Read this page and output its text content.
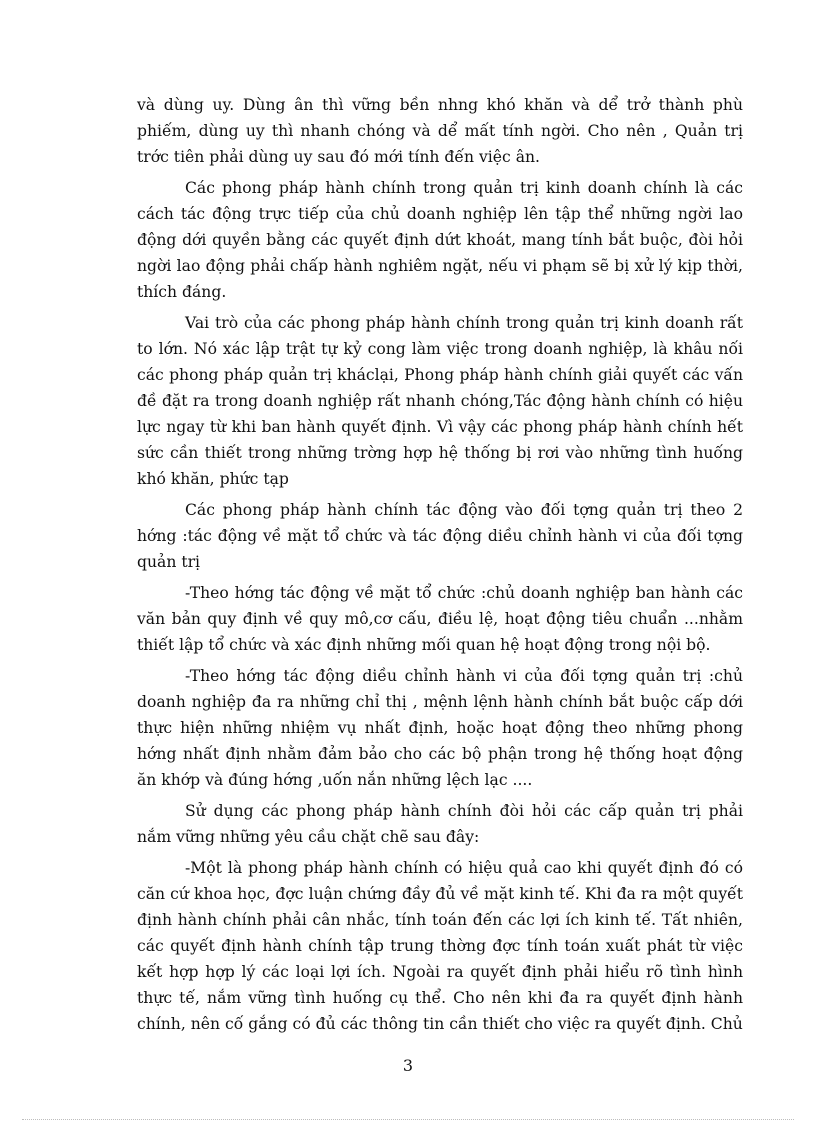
và dùng uy. Dùng ân thì vững bền nhng khó khăn và dể trở thành phù phiếm, dùng uy thì nhanh chóng và dể mất tính ngời. Cho nên , Quản trị trớc tiên phải dùng uy sau đó mới tính đến việc ân.

Các phong pháp hành chính trong quản trị kinh doanh chính là các cách tác động trực tiếp của chủ doanh nghiệp lên tập thể những ngời lao động dới quyền bằng các quyết định dứt khoát, mang tính bắt buộc, đòi hỏi ngời lao động phải chấp hành nghiêm ngặt, nếu vi phạm sẽ bị xử lý kịp thời, thích đáng.

Vai trò của các phong pháp hành chính trong quản trị kinh doanh rất to lớn. Nó xác lập trật tự kỷ cong làm việc trong doanh nghiệp, là khâu nối các phong pháp quản trị kháclại, Phong pháp hành chính giải quyết các vấn đề đặt ra trong doanh nghiệp rất nhanh chóng,Tác động hành chính có hiệu lực ngay từ khi ban hành quyết định. Vì vậy các phong pháp hành chính hết sức cần thiết trong những trờng hợp hệ thống bị rơi vào những tình huống khó khăn, phức tạp

Các phong pháp hành chính tác động vào đối tợng quản trị theo 2 hớng :tác động về mặt tổ chức và tác động diều chỉnh hành vi của đối tợng quản trị

-Theo hớng tác động về mặt tổ chức :chủ doanh nghiệp ban hành các văn bản quy định về quy mô,cơ cấu, điều lệ, hoạt động tiêu chuẩn ...nhằm thiết lập tổ chức và xác định những mối quan hệ hoạt động trong nội bộ.

-Theo hớng tác động diều chỉnh hành vi của đối tợng quản trị :chủ doanh nghiệp đa ra những chỉ thị , mệnh lệnh hành chính bắt buộc cấp dới thực hiện những nhiệm vụ nhất định, hoặc hoạt động theo những phong hớng nhất định nhằm đảm bảo cho các bộ phận trong hệ thống hoạt động ăn khớp và đúng hớng ,uốn nắn những lệch lạc ....

Sử dụng các phong pháp hành chính đòi hỏi các cấp quản trị phải nắm vững những yêu cầu chặt chẽ sau đây:

-Một là phong pháp hành chính có hiệu quả cao khi quyết định đó có căn cứ khoa học, đợc luận chứng đầy đủ về mặt kinh tế. Khi đa ra một quyết định hành chính phải cân nhắc, tính toán đến các lợi ích kinh tế. Tất nhiên, các quyết định hành chính tập trung thờng đợc tính toán xuất phát từ việc kết hợp hợp lý các loại lợi ích. Ngoài ra quyết định phải hiểu rõ tình hình thực tế, nắm vững tình huống cụ thể. Cho nên khi đa ra quyết định hành chính, nên cố gắng có đủ các thông tin cần thiết cho việc ra quyết định. Chủ

3
